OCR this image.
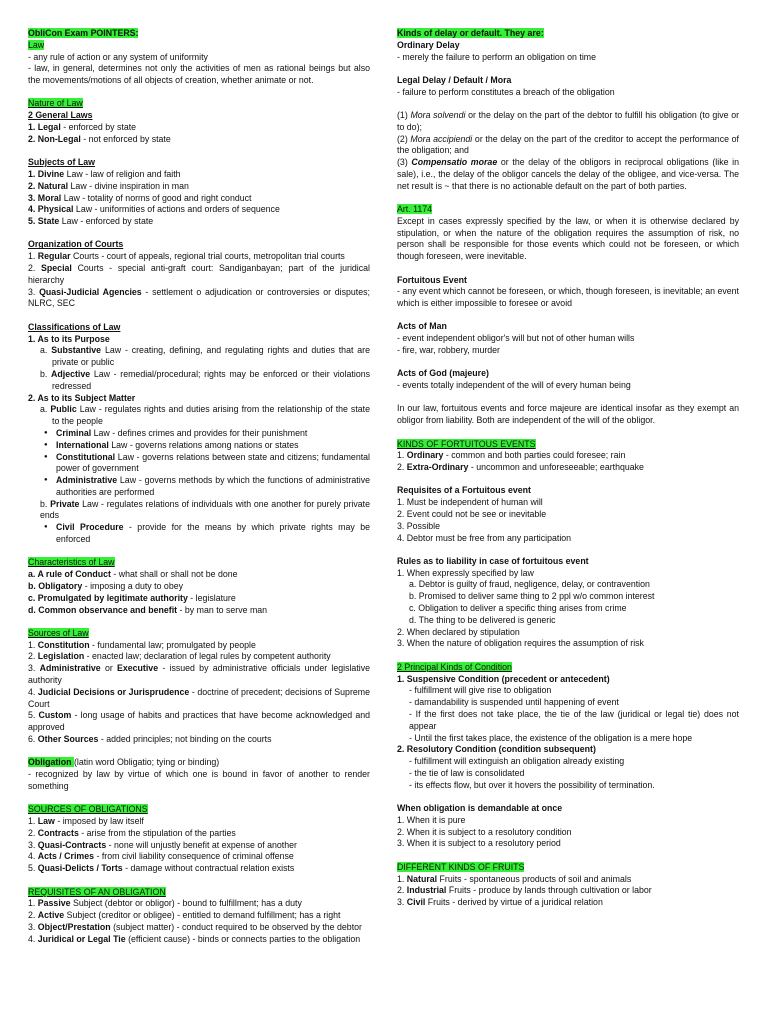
ObliCon Exam POINTERS:

Law

- any rule of action or any system of uniformity

- law, in general, determines not only the activities of men as rational beings but also the movements/motions of all objects of creation, whether animate or not.

Nature of Law

2 General Laws

1. Legal - enforced by state

2. Non-Legal - not enforced by state

Subjects of Law

1. Divine Law - law of religion and faith

2. Natural Law - divine inspiration in man

3. Moral Law - totality of norms of good and right conduct

4. Physical Law - uniformities of actions and orders of sequence

5. State Law - enforced by state

Organization of Courts

1. Regular Courts - court of appeals, regional trial courts, metropolitan trial courts

2. Special Courts - special anti-graft court: Sandiganbayan; part of the juridical hierarchy

3. Quasi-Judicial Agencies - settlement o adjudication or controversies or disputes; NLRC, SEC

Classifications of Law

1. As to its Purpose

a. Substantive Law - creating, defining, and regulating rights and duties that are private or public

b. Adjective Law - remedial/procedural; rights may be enforced or their violations redressed

2. As to its Subject Matter

a. Public Law - regulates rights and duties arising from the relationship of the state to the people

● Criminal Law - defines crimes and provides for their punishment

● International Law - governs relations among nations or states

● Constitutional Law - governs relations between state and citizens; fundamental power of government

● Administrative Law - governs methods by which the functions of administrative authorities are performed

b. Private Law - regulates relations of individuals with one another for purely private ends

● Civil Procedure - provide for the means by which private rights may be enforced

Characteristics of Law

a. A rule of Conduct - what shall or shall not be done

b. Obligatory - imposing a duty to obey

c. Promulgated by legitimate authority - legislature

d. Common observance and benefit - by man to serve man

Sources of Law

1. Constitution - fundamental law; promulgated by people

2. Legislation - enacted law; declaration of legal rules by competent authority

3. Administrative or Executive - issued by administrative officials under legislative authority

4. Judicial Decisions or Jurisprudence - doctrine of precedent; decisions of Supreme Court

5. Custom - long usage of habits and practices that have become acknowledged and approved

6. Other Sources - added principles; not binding on the courts

Obligation (latin word Obligatio; tying or binding)

- recognized by law by virtue of which one is bound in favor of another to render something

SOURCES OF OBLIGATIONS

1. Law - imposed by law itself

2. Contracts - arise from the stipulation of the parties

3. Quasi-Contracts - none will unjustly benefit at expense of another

4. Acts / Crimes - from civil liability consequence of criminal offense

5. Quasi-Delicts / Torts - damage without contractual relation exists

REQUISITES OF AN OBLIGATION

1. Passive Subject (debtor or obligor) - bound to fulfillment; has a duty

2. Active Subject (creditor or obligee) - entitled to demand fulfillment; has a right

3. Object/Prestation (subject matter) - conduct required to be observed by the debtor

4. Juridical or Legal Tie (efficient cause) - binds or connects parties to the obligation

Kinds of delay or default. They are:

Ordinary Delay

- merely the failure to perform an obligation on time

Legal Delay / Default / Mora

- failure to perform constitutes a breach of the obligation

(1) Mora solvendi or the delay on the part of the debtor to fulfill his obligation (to give or to do);

(2) Mora accipiendi or the delay on the part of the creditor to accept the performance of the obligation; and

(3) Compensatio morae or the delay of the obligors in reciprocal obligations (like in sale), i.e., the delay of the obligor cancels the delay of the obligee, and vice-versa. The net result is ~ that there is no actionable default on the part of both parties.

Art. 1174

Except in cases expressly specified by the law, or when it is otherwise declared by stipulation, or when the nature of the obligation requires the assumption of risk, no person shall be responsible for those events which could not be foreseen, or which though foreseen, were inevitable.

Fortuitous Event

- any event which cannot be foreseen, or which, though foreseen, is inevitable; an event which is either impossible to foresee or avoid

Acts of Man

- event independent obligor's will but not of other human wills

- fire, war, robbery, murder

Acts of God (majeure)

- events totally independent of the will of every human being

In our law, fortuitous events and force majeure are identical insofar as they exempt an obligor from liability. Both are independent of the will of the obligor.

KINDS OF FORTUITOUS EVENTS

1. Ordinary - common and both parties could foresee; rain

2. Extra-Ordinary - uncommon and unforeseeable; earthquake

Requisites of a Fortuitous event

1. Must be independent of human will

2. Event could not be see or inevitable

3. Possible

4. Debtor must be free from any participation

Rules as to liability in case of fortuitous event

1. When expressly specified by law

a. Debtor is guilty of fraud, negligence, delay, or contravention

b. Promised to deliver same thing to 2 ppl w/o common interest

c. Obligation to deliver a specific thing arises from crime

d. The thing to be delivered is generic

2. When declared by stipulation

3. When the nature of obligation requires the assumption of risk

2 Principal Kinds of Condition

1. Suspensive Condition (precedent or antecedent)

- fulfillment will give rise to obligation

- damandability is suspended until happening of event

- If the first does not take place, the tie of the law (juridical or legal tie) does not appear

- Until the first takes place, the existence of the obligation is a mere hope

2. Resolutory Condition (condition subsequent)

- fulfillment will extinguish an obligation already existing

- the tie of law is consolidated

- its effects flow, but over it hovers the possibility of termination.

When obligation is demandable at once

1. When it is pure

2. When it is subject to a resolutory condition

3. When it is subject to a resolutory period

DIFFERENT KINDS OF FRUITS

1. Natural Fruits - spontaneous products of soil and animals

2. Industrial Fruits - produce by lands through cultivation or labor

3. Civil Fruits - derived by virtue of a juridical relation
